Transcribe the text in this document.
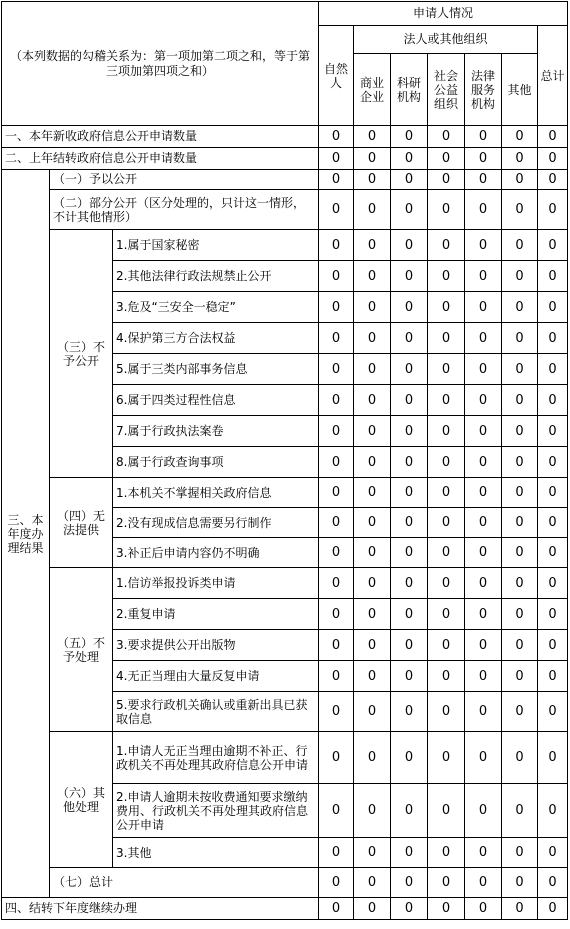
（本列数据的勾稽关系为：第一项加第二项之和，等于第三项加第四项之和）			申请人情况						
			自然人	法人或其他组织					总计
				商业企业	科研机构	社会公益组织	法律服务机构	其他	
一、本年新收政府信息公开申请数量			0	0	0	0	0	0	0
二、上年结转政府信息公开申请数量			0	0	0	0	0	0	0
三、本年度办理结果	（一）予以公开		0	0	0	0	0	0	0
	（二）部分公开（区分处理的，只计这一情形，不计其他情形）		0	0	0	0	0	0	0
	（三）不予公开	1.属于国家秘密	0	0	0	0	0	0	0
		2.其他法律行政法规禁止公开	0	0	0	0	0	0	0
		3.危及“三安全一稳定”	0	0	0	0	0	0	0
		4.保护第三方合法权益	0	0	0	0	0	0	0
		5.属于三类内部事务信息	0	0	0	0	0	0	0
		6.属于四类过程性信息	0	0	0	0	0	0	0
		7.属于行政执法案卷	0	0	0	0	0	0	0
		8.属于行政查询事项	0	0	0	0	0	0	0
	（四）无法提供	1.本机关不掌握相关政府信息	0	0	0	0	0	0	0
		2.没有现成信息需要另行制作	0	0	0	0	0	0	0
		3.补正后申请内容仍不明确	0	0	0	0	0	0	0
	（五）不予处理	1.信访举报投诉类申请	0	0	0	0	0	0	0
		2.重复申请	0	0	0	0	0	0	0
		3.要求提供公开出版物	0	0	0	0	0	0	0
		4.无正当理由大量反复申请	0	0	0	0	0	0	0
		5.要求行政机关确认或重新出具已获取信息	0	0	0	0	0	0	0
	（六）其他处理	1.申请人无正当理由逾期不补正、行政机关不再处理其政府信息公开申请	0	0	0	0	0	0	0
		2.申请人逾期未按收费通知要求缴纳费用、行政机关不再处理其政府信息公开申请	0	0	0	0	0	0	0
		3.其他	0	0	0	0	0	0	0
	（七）总计		0	0	0	0	0	0	0
四、结转下年度继续办理			0	0	0	0	0	0	0
